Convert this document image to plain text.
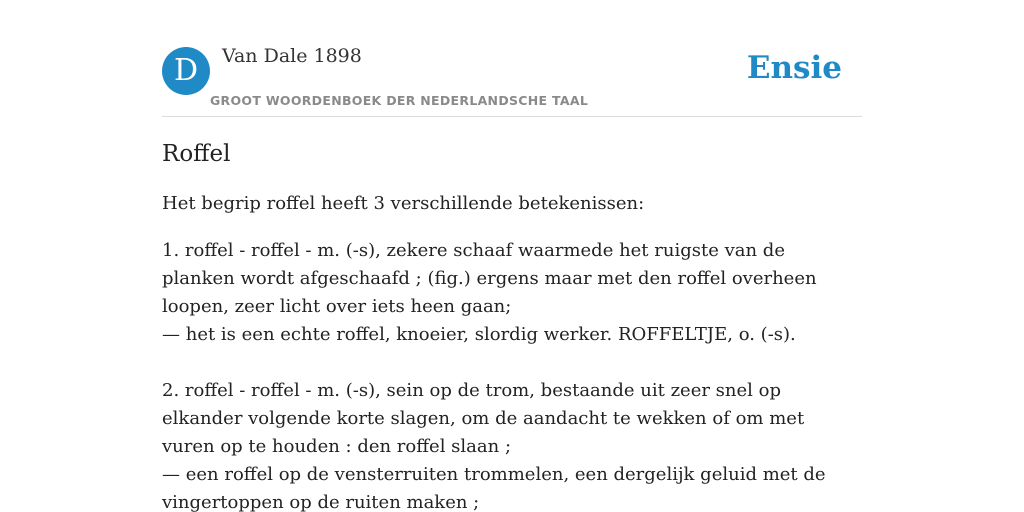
D	Van Dale 1898
GROOT WOORDENBOEK DER NEDERLANDSCHE TAAL
Ensie
Roffel
Het begrip roffel heeft 3 verschillende betekenissen:

1. roffel - roffel - m. (-s), zekere schaaf waarmede het ruigste van de planken wordt afgeschaafd ; (fig.) ergens maar met den roffel overheen loopen, zeer licht over iets heen gaan;

— het is een echte roffel, knoeier, slordig werker. ROFFELTJE, o. (-s).

2. roffel - roffel - m. (-s), sein op de trom, bestaande uit zeer snel op elkander volgende korte slagen, om de aandacht te wekken of om met vuren op te houden : den roffel slaan ;

— een roffel op de vensterruiten trommelen, een dergelijk geluid met de vingertoppen op de ruiten maken ;
